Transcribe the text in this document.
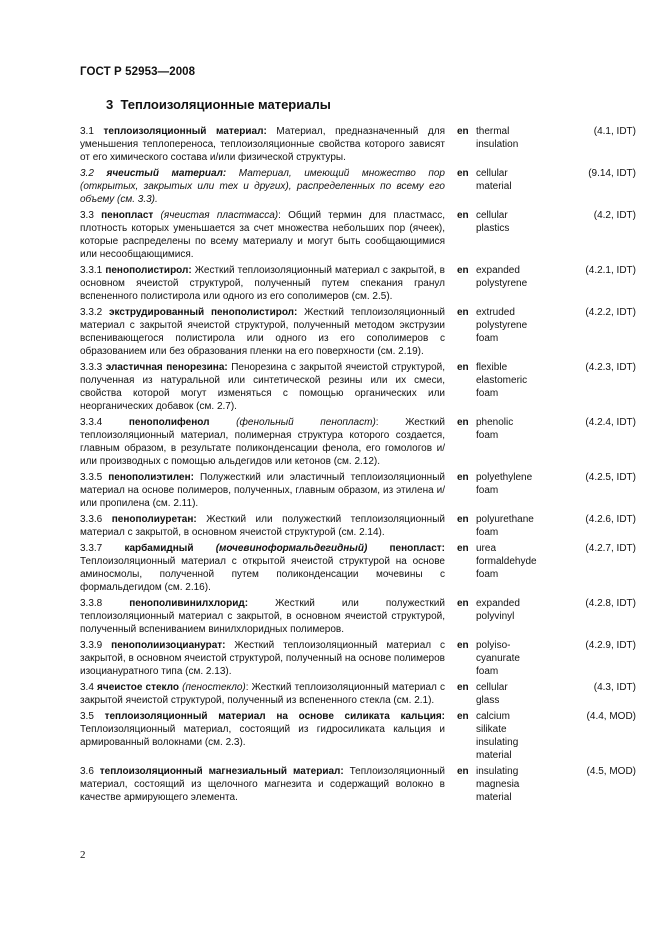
ГОСТ Р 52953—2008
3 Теплоизоляционные материалы
3.1 теплоизоляционный материал: Материал, предназначенный для уменьшения теплопереноса, теплоизоляционные свойства которого зависят от его химического состава и/или физической структуры.
en thermal
insulation
(4.1, IDT)
3.2 ячеистый материал: Материал, имеющий множество пор (открытых, закрытых или тех и других), распределенных по всему его объему (см. 3.3).
en cellular
material
(9.14, IDT)
3.3 пенопласт (ячеистая пластмасса): Общий термин для пластмасс, плотность которых уменьшается за счет множества небольших пор (ячеек), которые распределены по всему материалу и могут быть сообщающимися или несообщающимися.
en cellular
plastics
(4.2, IDT)
3.3.1 пенополистирол: Жесткий теплоизоляционный материал с закрытой, в основном ячеистой структурой, полученный путем спекания гранул вспененного полистирола или одного из его сополимеров (см. 2.5).
en expanded
polystyrene
(4.2.1, IDT)
3.3.2 экструдированный пенополистирол: Жесткий теплоизоляционный материал с закрытой ячеистой структурой, полученный методом экструзии вспенивающегося полистирола или одного из его сополимеров с образованием или без образования пленки на его поверхности (см. 2.19).
en extruded
polystyrene
foam
(4.2.2, IDT)
3.3.3 эластичная пенорезина: Пенорезина с закрытой ячеистой структурой, полученная из натуральной или синтетической резины или их смеси, свойства которой могут изменяться с помощью органических или неорганических добавок (см. 2.7).
en flexible
elastomeric
foam
(4.2.3, IDT)
3.3.4 пенополифенол	(фенольный пенопласт): Жесткий теплоизоляционный материал, полимерная структура которого создается, главным образом, в результате поликонденсации фенола, его гомологов и/или производных с помощью альдегидов или кетонов (см. 2.12).
en phenolic
foam
(4.2.4, IDT)
3.3.5 пенополиэтилен: Полужесткий или эластичный теплоизоляционный материал на основе полимеров, полученных, главным образом, из этилена и/или пропилена (см. 2.11).
en polyethylene
foam
(4.2.5, IDT)
3.3.6 пенополиуретан: Жесткий или полужесткий теплоизоляционный материал с закрытой, в основном ячеистой структурой (см. 2.14).
en polyurethane
foam
(4.2.6, IDT)
3.3.7 карбамидный (мочевиноформальдегидный) пенопласт: Теплоизоляционный материал с открытой ячеистой структурой на основе аминосмолы, полученной путем поликонденсации мочевины с формальдегидом (см. 2.16).
en urea
formaldehyde
foam
(4.2.7, IDT)
3.3.8 пенополивинилхлорид: Жесткий или полужесткий теплоизоляционный материал с закрытой, в основном ячеистой структурой, полученный вспениванием винилхлоридных полимеров.
en expanded
polyvinyl
(4.2.8, IDT)
3.3.9 пенополиизоцианурат: Жесткий теплоизоляционный материал с закрытой, в основном ячеистой структурой, полученный на основе полимеров изоциануратного типа (см. 2.13).
en polyiso-
cyanurate
foam
(4.2.9, IDT)
3.4 ячеистое стекло (пеностекло): Жесткий теплоизоляционный материал с закрытой ячеистой структурой, полученный из вспененного стекла (см. 2.1).
en cellular
glass
(4.3, IDT)
3.5 теплоизоляционный материал на основе силиката кальция: Теплоизоляционный материал, состоящий из гидросиликата кальция и армированный волокнами (см. 2.3).
en calcium
silikate
insulating
material
(4.4, MOD)
3.6 теплоизоляционный магнезиальный материал: Теплоизоляционный материал, состоящий из щелочного магнезита и содержащий волокно в качестве армирующего элемента.
en insulating
magnesia
material
(4.5, MOD)
2
